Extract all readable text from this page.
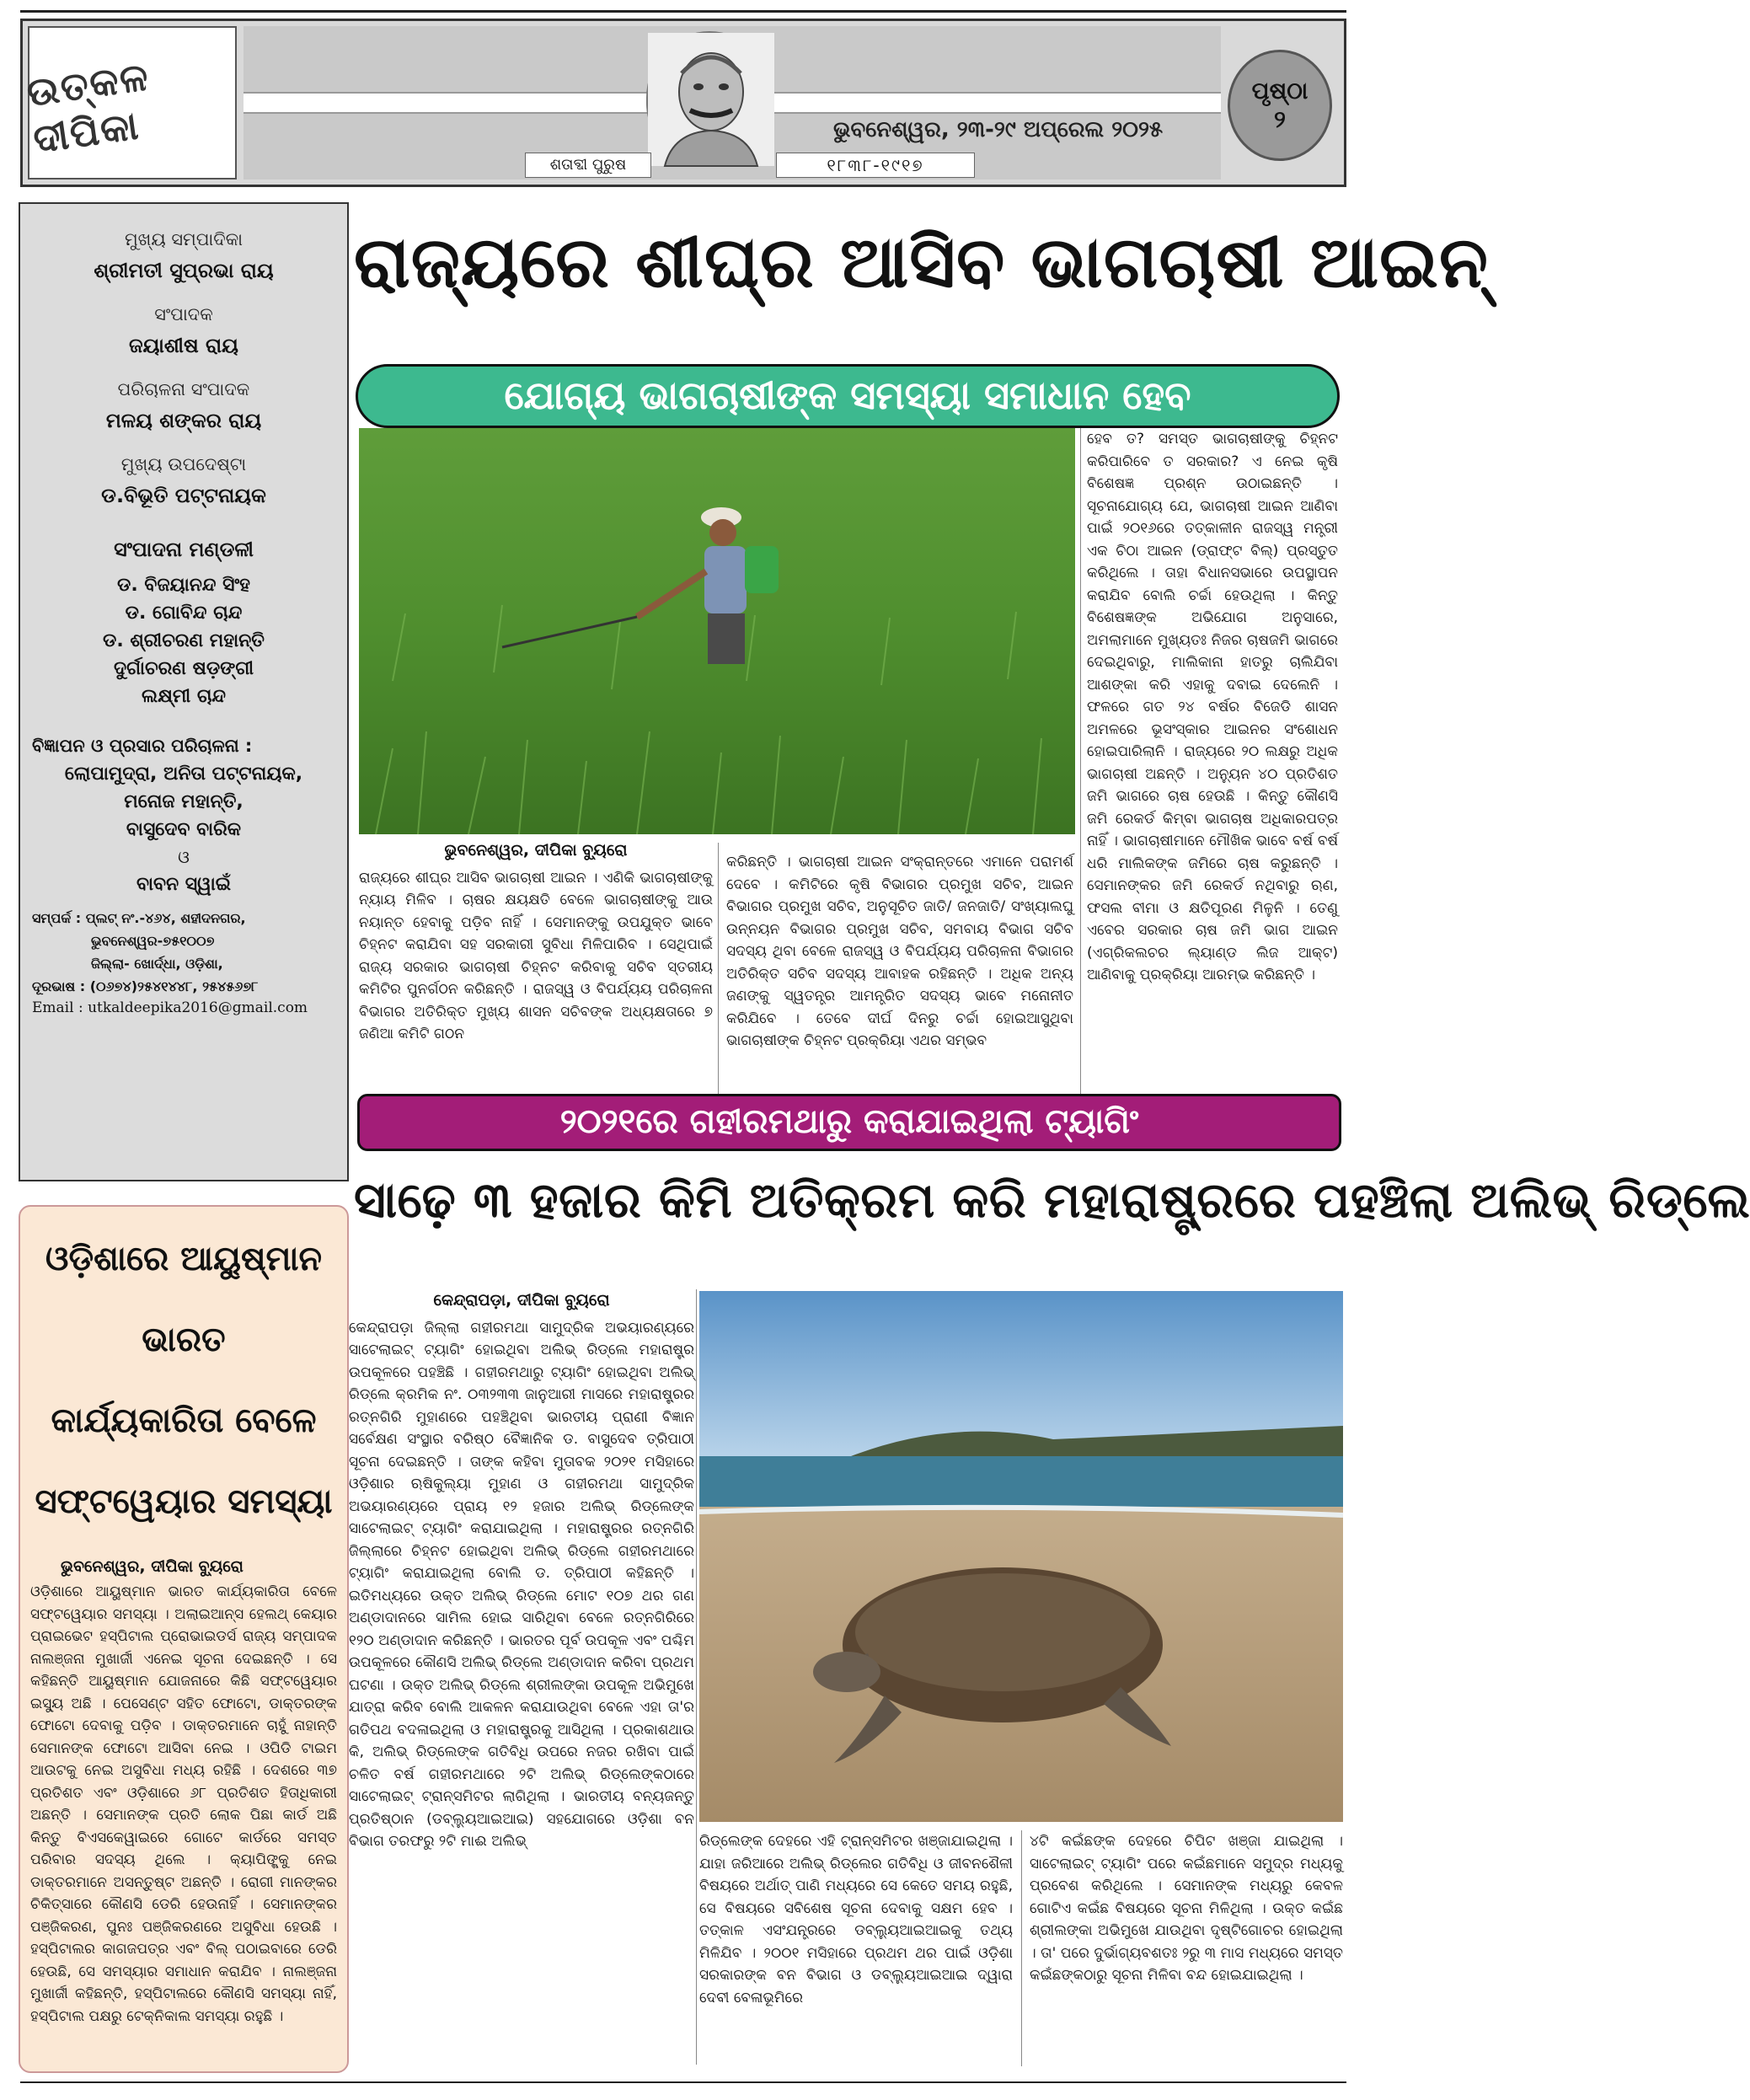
ଉତ୍କଳ ଦୀପିକା	ଭୁବନେଶ୍ୱର, ୨୩-୨୯ ଅପ୍ରେଲ ୨୦୨୫
ଶତାବ୍ଦୀ ପୁରୁଷ	୧୮୩୮-୧୯୧୭
ପୃଷ୍ଠା
୨
ମୁଖ୍ୟ ସମ୍ପାଦିକା
ଶ୍ରୀମତୀ ସୁପ୍ରଭା ରାୟ
ସଂପାଦକ
ଜୟାଶୀଷ ରାୟ
ପରିଚାଳନା ସଂପାଦକ
ମଳୟ ଶଙ୍କର ରାୟ
ମୁଖ୍ୟ ଉପଦେଷ୍ଟା
ଡ.ବିଭୂତି ପଟ୍ଟନାୟକ
ସଂପାଦନା ମଣ୍ଡଳୀ
ଡ. ବିଜୟାନନ୍ଦ ସିଂହ
ଡ. ଗୋବିନ୍ଦ ଚାନ୍ଦ
ଡ. ଶ୍ରୀଚରଣ ମହାନ୍ତି
ଦୁର୍ଗାଚରଣ ଷଡ଼ଙ୍ଗୀ
ଲକ୍ଷ୍ମୀ ଚାନ୍ଦ
ବିଜ୍ଞାପନ ଓ ପ୍ରସାର ପରିଚାଳନା :
ଲୋପାମୁଦ୍ରା, ଅନିତା ପଟ୍ଟନାୟକ,
ମନୋଜ ମହାନ୍ତି,
ବାସୁଦେବ ବାରିକ
ଓ
ବାବନ ସ୍ୱାଇଁ
ସମ୍ପର୍କ : ପ୍ଲଟ୍ ନଂ.-୪୬୪, ଶହୀଦନଗର,
ଭୁବନେଶ୍ୱର-୭୫୧୦୦୭
ଜିଲ୍ଲା- ଖୋର୍ଦ୍ଧା, ଓଡ଼ିଶା,
ଦୂରଭାଷ : (୦୬୭୪)୨୫୪୧୪୪୮, ୨୫୪୫୬୭୮
Email : utkaldeepika2016@gmail.com
ରାଜ୍ୟରେ ଶୀଘ୍ର ଆସିବ ଭାଗଚାଷୀ ଆଇନ୍
ଯୋଗ୍ୟ ଭାଗଚାଷୀଙ୍କ ସମସ୍ୟା ସମାଧାନ ହେବ
ଭୁବନେଶ୍ୱର, ଦୀପିକା ବ୍ୟୁରୋ

ରାଜ୍ୟରେ ଶୀଘ୍ର ଆସିବ ଭାଗଚାଷୀ ଆଇନ । ଏଣିକି ଭାଗଚାଷୀଙ୍କୁ ନ୍ୟାୟ ମିଳିବ । ଚାଷର କ୍ଷୟକ୍ଷତି ବେଳେ ଭାଗଚାଷୀଙ୍କୁ ଆଉ ନୟାନ୍ତ ହେବାକୁ ପଡ଼ିବ ନାହିଁ । ସେମାନଙ୍କୁ ଉପଯୁକ୍ତ ଭାବେ ଚିହ୍ନଟ କରାଯିବା ସହ ସରକାରୀ ସୁବିଧା ମିଳିପାରିବ । ସେଥିପାଇଁ ରାଜ୍ୟ ସରକାର ଭାଗଚାଷୀ ଚିହ୍ନଟ କରିବାକୁ ସଚିବ ସ୍ତରୀୟ କମିଟିର ପୁନର୍ଗଠନ କରିଛନ୍ତି । ରାଜସ୍ୱ ଓ ବିପର୍ଯ୍ୟୟ ପରିଚାଳନା ବିଭାଗର ଅତିରିକ୍ତ ମୁଖ୍ୟ ଶାସନ ସଚିବଙ୍କ ଅଧ୍ୟକ୍ଷତାରେ ୭ ଜଣିଆ କମିଟି ଗଠନ

କରିଛନ୍ତି । ଭାଗଚାଷୀ ଆଇନ ସଂକ୍ରାନ୍ତରେ ଏମାନେ ପରାମର୍ଶ ଦେବେ । କମିଟିରେ କୃଷି ବିଭାଗର ପ୍ରମୁଖ ସଚିବ, ଆଇନ ବିଭାଗର ପ୍ରମୁଖ ସଚିବ, ଅନୁସୂଚିତ ଜାତି/ ଜନଜାତି/ ସଂଖ୍ୟାଲଘୁ ଉନ୍ନୟନ ବିଭାଗର ପ୍ରମୁଖ ସଚିବ, ସମବାୟ ବିଭାଗ ସଚିବ ସଦସ୍ୟ ଥିବା ବେଳେ ରାଜସ୍ୱ ଓ ବିପର୍ଯ୍ୟୟ ପରିଚାଳନା ବିଭାଗର ଅତିରିକ୍ତ ସଚିବ ସଦସ୍ୟ ଆବାହକ ରହିଛନ୍ତି । ଅଧିକ ଅନ୍ୟ ଜଣଙ୍କୁ ସ୍ୱତନ୍ତ୍ର ଆମନ୍ତ୍ରିତ ସଦସ୍ୟ ଭାବେ ମନୋନୀତ କରିଯିବେ । ତେବେ ଦୀର୍ଘ ଦିନରୁ ଚର୍ଚ୍ଚା ହୋଇଆସୁଥିବା ଭାଗଚାଷୀଙ୍କ ଚିହ୍ନଟ ପ୍ରକ୍ରିୟା ଏଥର ସମ୍ଭବ

ହେବ ତ? ସମସ୍ତ ଭାଗଚାଷୀଙ୍କୁ ଚିହ୍ନଟ କରିପାରିବେ ତ ସରକାର? ଏ ନେଇ କୃଷି ବିଶେଷଜ୍ଞ ପ୍ରଶ୍ନ ଉଠାଇଛନ୍ତି । ସୂଚନାଯୋଗ୍ୟ ଯେ, ଭାଗଚାଷୀ ଆଇନ ଆଣିବା ପାଇଁ ୨୦୧୬ରେ ତତ୍କାଳୀନ ରାଜସ୍ୱ ମନ୍ତ୍ରୀ ଏକ ଚିଠା ଆଇନ (ଡ୍ରାଫ୍ଟ ବିଲ୍) ପ୍ରସ୍ତୁତ କରିଥିଲେ । ତାହା ବିଧାନସଭାରେ ଉପସ୍ଥାପନ କରାଯିବ ବୋଲି ଚର୍ଚ୍ଚା ହେଉଥିଲା । କିନ୍ତୁ ବିଶେଷଜ୍ଞଙ୍କ ଅଭିଯୋଗ ଅନୁସାରେ, ଅମଲାମାନେ ମୁଖ୍ୟତଃ ନିଜର ଚାଷଜମି ଭାଗରେ ଦେଇଥିବାରୁ, ମାଲିକାନା ହାତରୁ ଚାଲିଯିବା ଆଶଙ୍କା କରି ଏହାକୁ ଦବାଇ ଦେଲେନି । ଫଳରେ ଗତ ୨୪ ବର୍ଷର ବିଜେଡି ଶାସନ ଅମଳରେ ଭୂସଂସ୍କାର ଆଇନର ସଂଶୋଧନ ହୋଇପାରିଲାନି । ରାଜ୍ୟରେ ୨୦ ଲକ୍ଷରୁ ଅଧିକ ଭାଗଚାଷୀ ଅଛନ୍ତି । ଅନ୍ୟୁନ ୪୦ ପ୍ରତିଶତ ଜମି ଭାଗରେ ଚାଷ ହେଉଛି । କିନ୍ତୁ କୌଣସି ଜମି ରେକର୍ଡ କିମ୍ବା ଭାଗଚାଷ ଅଧିକାରପତ୍ର ନାହିଁ । ଭାଗଚାଷୀମାନେ ମୌଖିକ ଭାବେ ବର୍ଷ ବର୍ଷ ଧରି ମାଲିକଙ୍କ ଜମିରେ ଚାଷ କରୁଛନ୍ତି । ସେମାନଙ୍କର ଜମି ରେକର୍ଡ ନଥିବାରୁ ଋଣ, ଫସଲ ବୀମା ଓ କ୍ଷତିପୂରଣ ମିଳୁନି । ତେଣୁ ଏବେର ସରକାର ଚାଷ ଜମି ଭାଗ ଆଇନ (ଏଗ୍ରିକଲଚର ଲ୍ୟାଣ୍ଡ ଲିଜ ଆକ୍ଟ) ଆଣିବାକୁ ପ୍ରକ୍ରିୟା ଆରମ୍ଭ କରିଛନ୍ତି ।

୨୦୨୧ରେ ଗହୀରମଥାରୁ କରାଯାଇଥିଲା ଟ୍ୟାଗିଂ
ସାଢ଼େ ୩ ହଜାର କିମି ଅତିକ୍ରମ କରି ମହାରାଷ୍ଟ୍ରରେ ପହଞ୍ଚିଲା ଅଲିଭ୍ ରିଡ୍ଲେ
କେନ୍ଦ୍ରାପଡ଼ା, ଦୀପିକା ବ୍ୟୁରୋ

କେନ୍ଦ୍ରାପଡ଼ା ଜିଲ୍ଲା ଗହୀରମଥା ସାମୁଦ୍ରିକ ଅଭୟାରଣ୍ୟରେ ସାଟେଲାଇଟ୍ ଟ୍ୟାଗିଂ ହୋଇଥିବା ଅଲିଭ୍ ରିଡ୍ଲେ ମହାରାଷ୍ଟ୍ର ଉପକୂଳରେ ପହଞ୍ଚିଛି । ଗହୀରମଥାରୁ ଟ୍ୟାଗିଂ ହୋଇଥିବା ଅଲିଭ୍ ରିଡ୍ଲେ କ୍ରମିକ ନଂ. ୦୩୨୩୩ ଜାନୁଆରୀ ମାସରେ ମହାରାଷ୍ଟ୍ରର ରତ୍ନଗିରି ମୁହାଣରେ ପହଞ୍ଚିଥିବା ଭାରତୀୟ ପ୍ରାଣୀ ବିଜ୍ଞାନ ସର୍ବେକ୍ଷଣ ସଂସ୍ଥାର ବରିଷ୍ଠ ବୈଜ୍ଞାନିକ ଡ. ବାସୁଦେବ ତ୍ରିପାଠୀ ସୂଚନା ଦେଇଛନ୍ତି । ତାଙ୍କ କହିବା ମୁତାବକ ୨୦୨୧ ମସିହାରେ ଓଡ଼ିଶାର ଋଷିକୁଲ୍ୟା ମୁହାଣ ଓ ଗହୀରମଥା ସାମୁଦ୍ରିକ ଅଭୟାରଣ୍ୟରେ ପ୍ରାୟ ୧୨ ହଜାର ଅଲିଭ୍ ରିଡ୍ଲେଙ୍କ ସାଟେଲାଇଟ୍ ଟ୍ୟାଗିଂ କରାଯାଇଥିଲା । ମହାରାଷ୍ଟ୍ରର ରତ୍ନଗିରି ଜିଲ୍ଲାରେ ଚିହ୍ନଟ ହୋଇଥିବା ଅଲିଭ୍ ରିଡ୍ଲେ ଗହୀରମଥାରେ ଟ୍ୟାଗିଂ କରାଯାଇଥିଲା ବୋଲି ଡ. ତ୍ରିପାଠୀ କହିଛନ୍ତି । ଇତିମଧ୍ୟରେ ଉକ୍ତ ଅଲିଭ୍ ରିଡ୍ଲେ ମୋଟ ୧୦୭ ଥର ଗଣ ଅଣ୍ଡାଦାନରେ ସାମିଲ ହୋଇ ସାରିଥିବା ବେଳେ ରତ୍ନଗିରିରେ ୧୨୦ ଅଣ୍ଡାଦାନ କରିଛନ୍ତି । ଭାରତର ପୂର୍ବ ଉପକୂଳ ଏବଂ ପଶ୍ଚିମ ଉପକୂଳରେ କୌଣସି ଅଲିଭ୍ ରିଡ୍ଲେ ଅଣ୍ଡାଦାନ କରିବା ପ୍ରଥମ ଘଟଣା । ଉକ୍ତ ଅଲିଭ୍ ରିଡ୍ଲେ ଶ୍ରୀଲଙ୍କା ଉପକୂଳ ଅଭିମୁଖେ ଯାତ୍ରା କରିବ ବୋଲି ଆକଳନ କରାଯାଉଥିବା ବେଳେ ଏହା ତା'ର ଗତିପଥ ବଦଳାଇଥିଲା ଓ ମହାରାଷ୍ଟ୍ରକୁ ଆସିଥିଲା । ପ୍ରକାଶଥାଉ କି, ଅଲିଭ୍ ରିଡ୍ଲେଙ୍କ ଗତିବିଧି ଉପରେ ନଜର ରଖିବା ପାଇଁ ଚଳିତ ବର୍ଷ ଗହୀରମଥାରେ ୨ଟି ଅଲିଭ୍ ରିଡ୍ଲେଙ୍କଠାରେ ସାଟେଲାଇଟ୍ ଟ୍ରାନ୍ସମିଟର ଲାଗିଥିଲା । ଭାରତୀୟ ବନ୍ୟଜନ୍ତୁ ପ୍ରତିଷ୍ଠାନ (ଡବ୍ଲ୍ୟୁଆଇଆଇ) ସହଯୋଗରେ ଓଡ଼ିଶା ବନ ବିଭାଗ ତରଫରୁ ୨ଟି ମାଈ ଅଲିଭ୍	ରିଡ୍ଲେଙ୍କ ଦେହରେ ଏହି ଟ୍ରାନ୍ସମିଟର ଖଞ୍ଜାଯାଇଥିଲା । ଯାହା ଜରିଆରେ ଅଲିଭ୍ ରିଡ୍ଲେର ଗତିବିଧି ଓ ଜୀବନଶୈଳୀ ବିଷୟରେ ଅର୍ଥାତ୍ ପାଣି ମଧ୍ୟରେ ସେ କେତେ ସମୟ ରହୁଛି, ସେ ବିଷୟରେ ସବିଶେଷ ସୂଚନା ଦେବାକୁ ସକ୍ଷମ ହେବ । ତତ୍କାଳ ଏସଂଯନ୍ତ୍ରରେ ଡବ୍ଲ୍ୟୁଆଇଆଇକୁ ତଥ୍ୟ ମିଳିଯିବ । ୨୦୦୧ ମସିହାରେ ପ୍ରଥମ ଥର ପାଇଁ ଓଡ଼ିଶା ସରକାରଙ୍କ ବନ ବିଭାଗ ଓ ଡବ୍ଲ୍ୟୁଆଇଆଇ ଦ୍ୱାରା ଦେବୀ ବେଳାଭୂମିରେ

୪ଟି କଇଁଛଙ୍କ ଦେହରେ ଚିପିଟ ଖଞ୍ଜା ଯାଇଥିଲା । ସାଟେଲାଇଟ୍ ଟ୍ୟାଗିଂ ପରେ କଇଁଛମାନେ ସମୁଦ୍ର ମଧ୍ୟକୁ ପ୍ରବେଶ କରିଥିଲେ । ସେମାନଙ୍କ ମଧ୍ୟରୁ କେବଳ ଗୋଟିଏ କଇଁଛ ବିଷୟରେ ସୂଚନା ମିଳିଥିଲା । ଉକ୍ତ କଇଁଛ ଶ୍ରୀଲଙ୍କା ଅଭିମୁଖେ ଯାଉଥିବା ଦୃଷ୍ଟିଗୋଚର ହୋଇଥିଲା । ତା' ପରେ ଦୁର୍ଭାଗ୍ୟବଶତଃ ୨ରୁ ୩ ମାସ ମଧ୍ୟରେ ସମସ୍ତ କଇଁଛଙ୍କଠାରୁ ସୂଚନା ମିଳିବା ବନ୍ଦ ହୋଇଯାଇଥିଲା ।

ଓଡ଼ିଶାରେ ଆୟୁଷ୍ମାନ ଭାରତ
କାର୍ଯ୍ୟକାରିତା ବେଳେ
ସଫ୍ଟୱେୟାର ସମସ୍ୟା
ଭୁବନେଶ୍ୱର, ଦୀପିକା ବ୍ୟୁରୋ
ଓଡ଼ିଶାରେ ଆୟୁଷ୍ମାନ ଭାରତ କାର୍ଯ୍ୟକାରିତା ବେଳେ ସଫ୍ଟୱେୟାର ସମସ୍ୟା । ଅଲାଇଆନ୍ସ ହେଲଥ୍ କେୟାର ପ୍ରାଇଭେଟ ହସ୍ପିଟାଲ ପ୍ରୋଭାଇଡର୍ସ ରାଜ୍ୟ ସମ୍ପାଦକ ନାଲଞ୍ଜନା ମୁଖାର୍ଜୀ ଏନେଇ ସୂଚନା ଦେଇଛନ୍ତି । ସେ କହିଛନ୍ତି ଆୟୁଷ୍ମାନ ଯୋଜନାରେ କିଛି ସଫ୍ଟୱେୟାର ଇସ୍ୟୁ ଅଛି । ପେସେଣ୍ଟ ସହିତ ଫୋଟୋ, ଡାକ୍ତରଙ୍କ ଫୋଟୋ ଦେବାକୁ ପଡ଼ିବ । ଡାକ୍ତରମାନେ ଚାହୁଁ ନାହାନ୍ତି ସେମାନଙ୍କ ଫୋଟୋ ଆସିବା ନେଇ । ଓପିଡି ଟାଇମ ଆଉଟକୁ ନେଇ ଅସୁବିଧା ମଧ୍ୟ ରହିଛି । ଦେଶରେ ୩୭ ପ୍ରତିଶତ ଏବଂ ଓଡ଼ିଶାରେ ୬୮ ପ୍ରତିଶତ ହିତାଧିକାରୀ ଅଛନ୍ତି । ସେମାନଙ୍କ ପ୍ରତି ଲୋକ ପିଛା କାର୍ଡ ଅଛି କିନ୍ତୁ ବିଏସକେୱାଇରେ ଗୋଟେ କାର୍ଡରେ ସମସ୍ତ ପରିବାର ସଦସ୍ୟ ଥିଲେ । କ୍ୟାପିଙ୍ଗ୍କୁ ନେଇ ଡାକ୍ତରମାନେ ଅସନ୍ତୁଷ୍ଟ ଅଛନ୍ତି । ରୋଗୀ ମାନଙ୍କର ଚିକିତ୍ସାରେ କୌଣସି ଡେରି ହେଉନାହିଁ । ସେମାନଙ୍କର ପଞ୍ଜିକରଣ, ପୁନଃ ପଞ୍ଜିକରଣରେ ଅସୁବିଧା ହେଉଛି । ହସ୍ପିଟାଲର କାଗଜପତ୍ର ଏବଂ ବିଲ୍ ପଠାଇବାରେ ଡେରି ହେଉଛି, ସେ ସମସ୍ୟାର ସମାଧାନ କରାଯିବ । ନାଲଞ୍ଜନା ମୁଖାର୍ଜୀ କହିଛନ୍ତି, ହସ୍ପିଟାଲରେ କୌଣସି ସମସ୍ୟା ନାହିଁ, ହସ୍ପିଟାଲ ପକ୍ଷରୁ ଟେକ୍ନିକାଲ ସମସ୍ୟା ରହୁଛି ।
